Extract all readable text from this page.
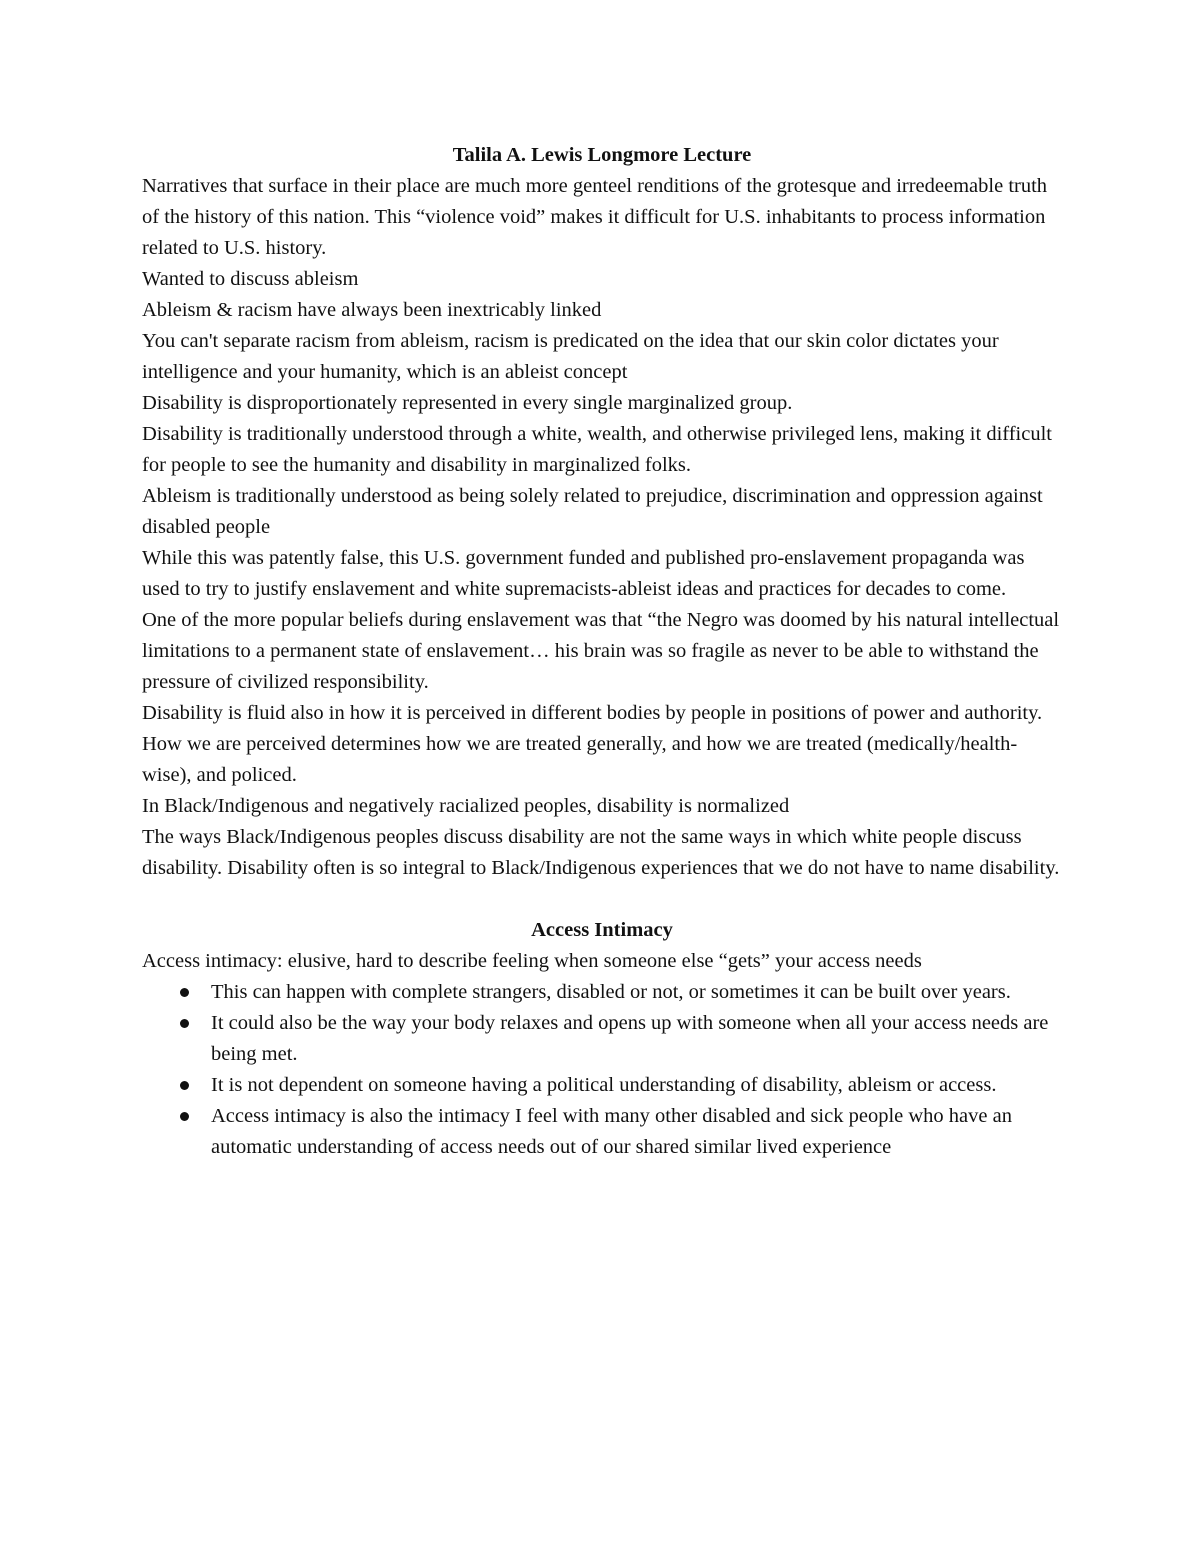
Talila A. Lewis Longmore Lecture

Narratives that surface in their place are much more genteel renditions of the grotesque and irredeemable truth of the history of this nation. This “violence void” makes it difficult for U.S. inhabitants to process information related to U.S. history.

Wanted to discuss ableism

Ableism & racism have always been inextricably linked

You can't separate racism from ableism, racism is predicated on the idea that our skin color dictates your intelligence and your humanity, which is an ableist concept

Disability is disproportionately represented in every single marginalized group.

Disability is traditionally understood through a white, wealth, and otherwise privileged lens, making it difficult for people to see the humanity and disability in marginalized folks.

Ableism is traditionally understood as being solely related to prejudice, discrimination and oppression against disabled people

While this was patently false, this U.S. government funded and published pro-enslavement propaganda was used to try to justify enslavement and white supremacists-ableist ideas and practices for decades to come.

One of the more popular beliefs during enslavement was that “the Negro was doomed by his natural intellectual limitations to a permanent state of enslavement… his brain was so fragile as never to be able to withstand the pressure of civilized responsibility.

Disability is fluid also in how it is perceived in different bodies by people in positions of power and authority. How we are perceived determines how we are treated generally, and how we are treated (medically/health-wise), and policed.

In Black/Indigenous and negatively racialized peoples, disability is normalized

The ways Black/Indigenous peoples discuss disability are not the same ways in which white people discuss disability. Disability often is so integral to Black/Indigenous experiences that we do not have to name disability.

Access Intimacy

Access intimacy: elusive, hard to describe feeling when someone else “gets” your access needs

This can happen with complete strangers, disabled or not, or sometimes it can be built over years.
It could also be the way your body relaxes and opens up with someone when all your access needs are being met.
It is not dependent on someone having a political understanding of disability, ableism or access.
Access intimacy is also the intimacy I feel with many other disabled and sick people who have an automatic understanding of access needs out of our shared similar lived experience
